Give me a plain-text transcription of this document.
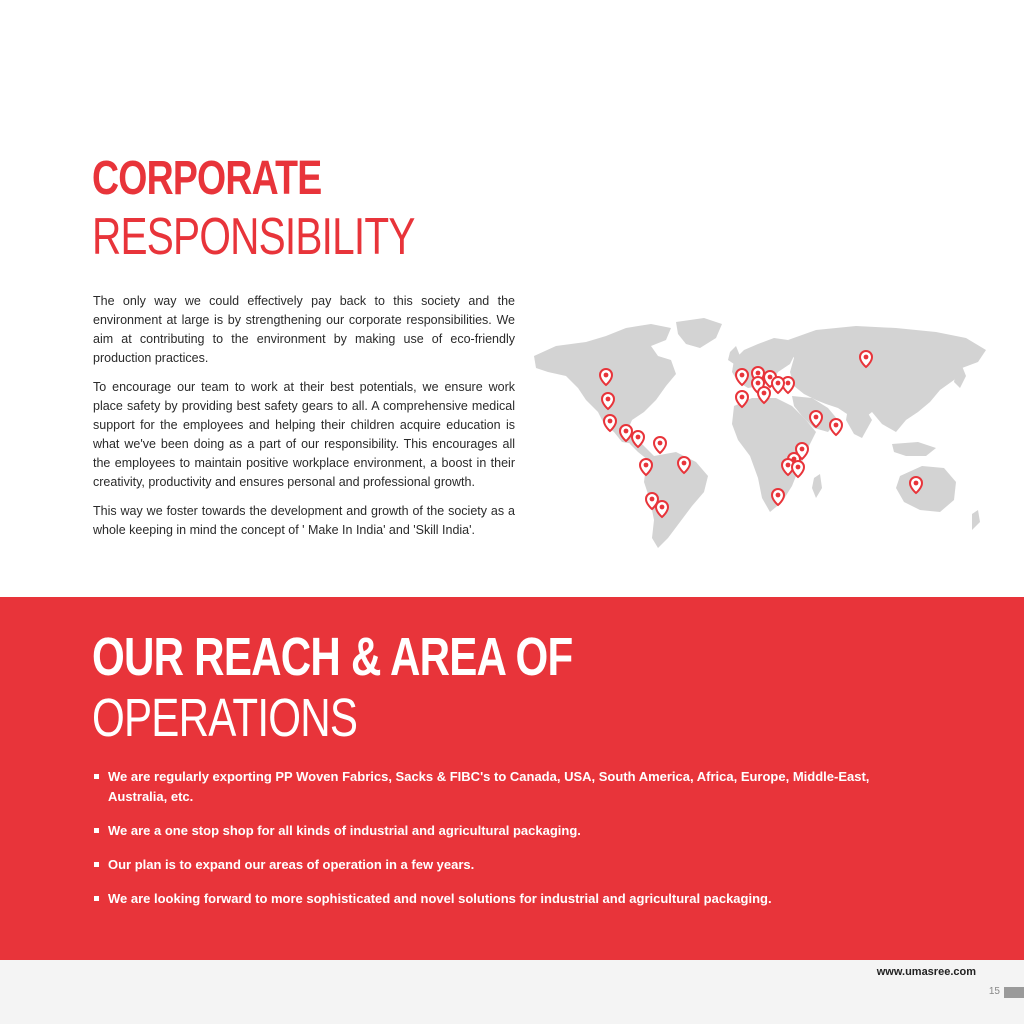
CORPORATE
RESPONSIBILITY

The only way we could effectively pay back to this society and the environment at large is by strengthening our corporate responsibilities. We aim at contributing to the environment by making use of eco-friendly production practices.

To encourage our team to work at their best potentials, we ensure work place safety by providing best safety gears to all. A comprehensive medical support for the employees and helping their children acquire education is what we've been doing as a part of our responsibility. This encourages all the employees to maintain positive workplace environment, a boost in their creativity, productivity and ensures personal and professional growth.

This way we foster towards the development and growth of the society as a whole keeping in mind the concept of ' Make In India' and 'Skill India'.

OUR REACH & AREA OF
OPERATIONS
We are regularly exporting PP Woven Fabrics, Sacks & FIBC's to Canada, USA, South America, Africa, Europe, Middle-East, Australia, etc.
We are a one stop shop for all kinds of industrial and agricultural packaging.
Our plan is to expand our areas of operation in a few years.
We are looking forward to more sophisticated and novel solutions for industrial and agricultural packaging.
www.umasree.com
15
